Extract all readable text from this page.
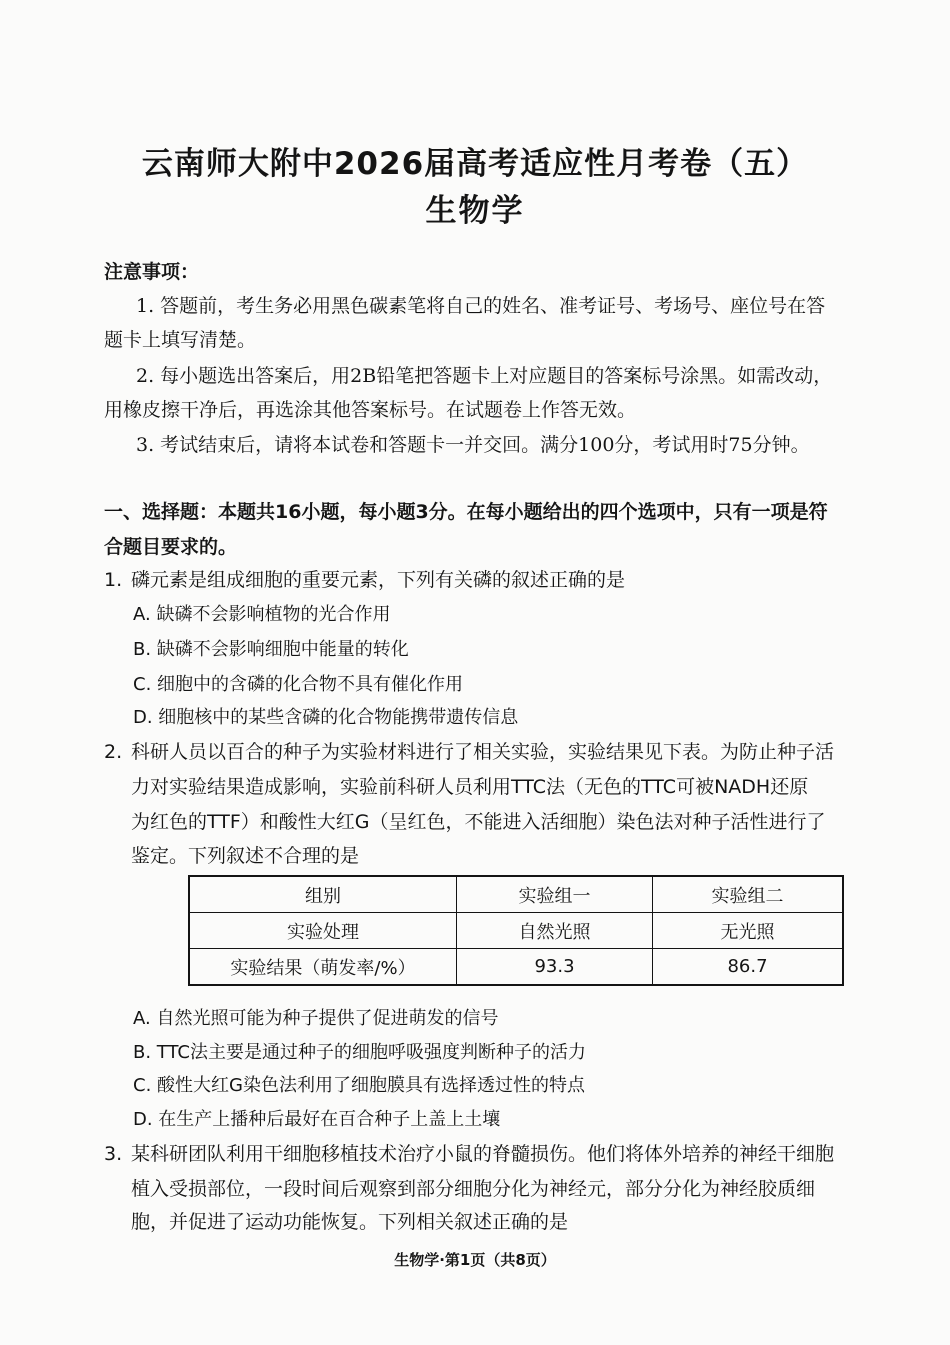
云南师大附中2026届高考适应性月考卷（五）
生物学
注意事项：
1. 答题前，考生务必用黑色碳素笔将自己的姓名、准考证号、考场号、座位号在答
题卡上填写清楚。
2. 每小题选出答案后，用2B铅笔把答题卡上对应题目的答案标号涂黑。如需改动，
用橡皮擦干净后，再选涂其他答案标号。在试题卷上作答无效。
3. 考试结束后，请将本试卷和答题卡一并交回。满分100分，考试用时75分钟。
一、选择题：本题共16小题，每小题3分。在每小题给出的四个选项中，只有一项是符
合题目要求的。
1. 磷元素是组成细胞的重要元素，下列有关磷的叙述正确的是
A. 缺磷不会影响植物的光合作用
B. 缺磷不会影响细胞中能量的转化
C. 细胞中的含磷的化合物不具有催化作用
D. 细胞核中的某些含磷的化合物能携带遗传信息
2. 科研人员以百合的种子为实验材料进行了相关实验，实验结果见下表。为防止种子活
力对实验结果造成影响，实验前科研人员利用TTC法（无色的TTC可被NADH还原
为红色的TTF）和酸性大红G（呈红色，不能进入活细胞）染色法对种子活性进行了
鉴定。下列叙述不合理的是
组别	实验组一	实验组二
实验处理	自然光照	无光照
实验结果（萌发率/%）	93.3	86.7
A. 自然光照可能为种子提供了促进萌发的信号
B. TTC法主要是通过种子的细胞呼吸强度判断种子的活力
C. 酸性大红G染色法利用了细胞膜具有选择透过性的特点
D. 在生产上播种后最好在百合种子上盖上土壤
3. 某科研团队利用干细胞移植技术治疗小鼠的脊髓损伤。他们将体外培养的神经干细胞
植入受损部位，一段时间后观察到部分细胞分化为神经元，部分分化为神经胶质细
胞，并促进了运动功能恢复。下列相关叙述正确的是
生物学·第1页（共8页）
